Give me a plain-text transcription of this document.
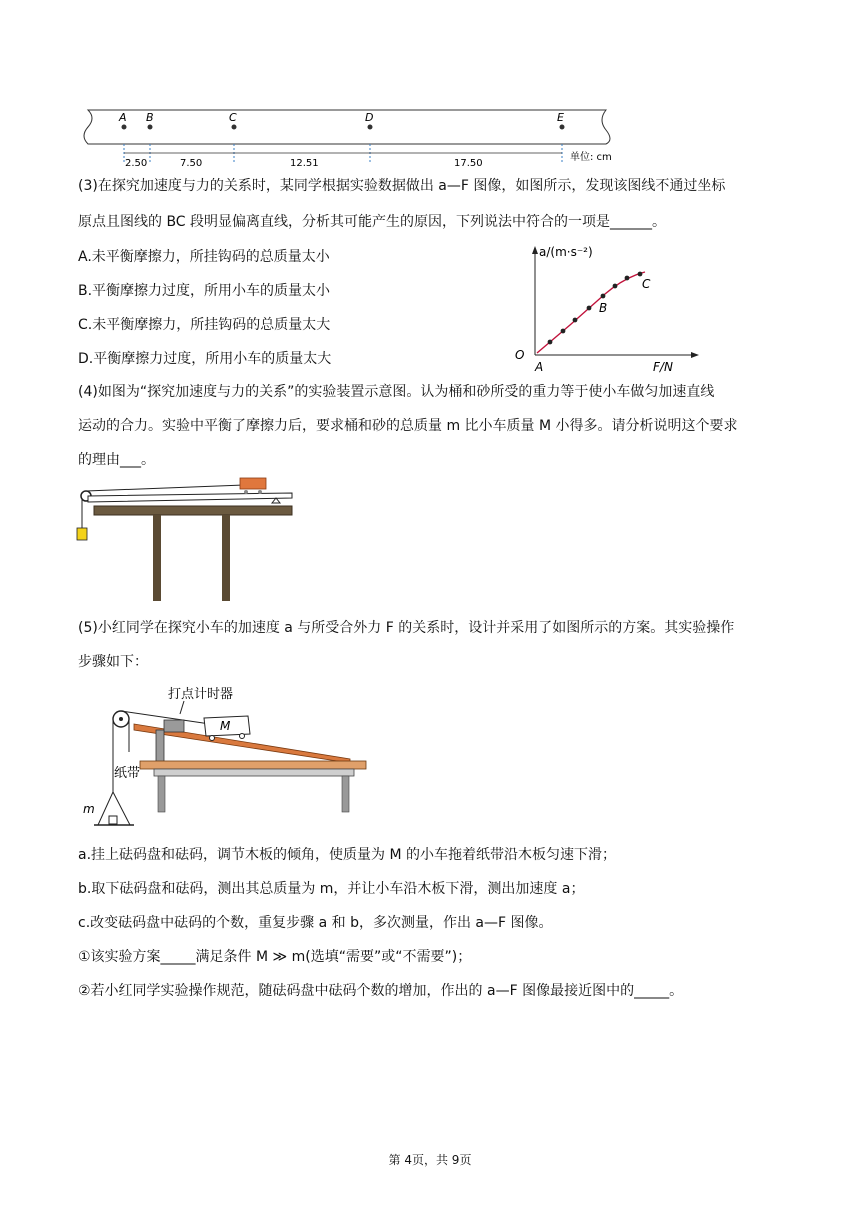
A B	C	D	E
2.50	7.50	12.51	17.50
单位: cm
(3)在探究加速度与力的关系时，某同学根据实验数据做出 a—F 图像，如图所示，发现该图线不通过坐标
原点且图线的 BC 段明显偏离直线，分析其可能产生的原因，下列说法中符合的一项是______。
A.未平衡摩擦力，所挂钩码的总质量太小
B.平衡摩擦力过度，所用小车的质量太小
C.未平衡摩擦力，所挂钩码的总质量太大
D.平衡摩擦力过度，所用小车的质量太大
a/(m·s⁻²)
F/N
O
A
B
C
(4)如图为“探究加速度与力的关系”的实验装置示意图。认为桶和砂所受的重力等于使小车做匀加速直线
运动的合力。实验中平衡了摩擦力后，要求桶和砂的总质量 m 比小车质量 M 小得多。请分析说明这个要求
的理由___。
(5)小红同学在探究小车的加速度 a 与所受合外力 F 的关系时，设计并采用了如图所示的方案。其实验操作
步骤如下：
打点计时器
M
纸带
m
a.挂上砝码盘和砝码，调节木板的倾角，使质量为 M 的小车拖着纸带沿木板匀速下滑；
b.取下砝码盘和砝码，测出其总质量为 m，并让小车沿木板下滑，测出加速度 a；
c.改变砝码盘中砝码的个数，重复步骤 a 和 b，多次测量，作出 a—F 图像。
①该实验方案_____满足条件 M ≫ m(选填“需要”或“不需要”)；
②若小红同学实验操作规范，随砝码盘中砝码个数的增加，作出的 a—F 图像最接近图中的_____。
第 4页，共 9页
